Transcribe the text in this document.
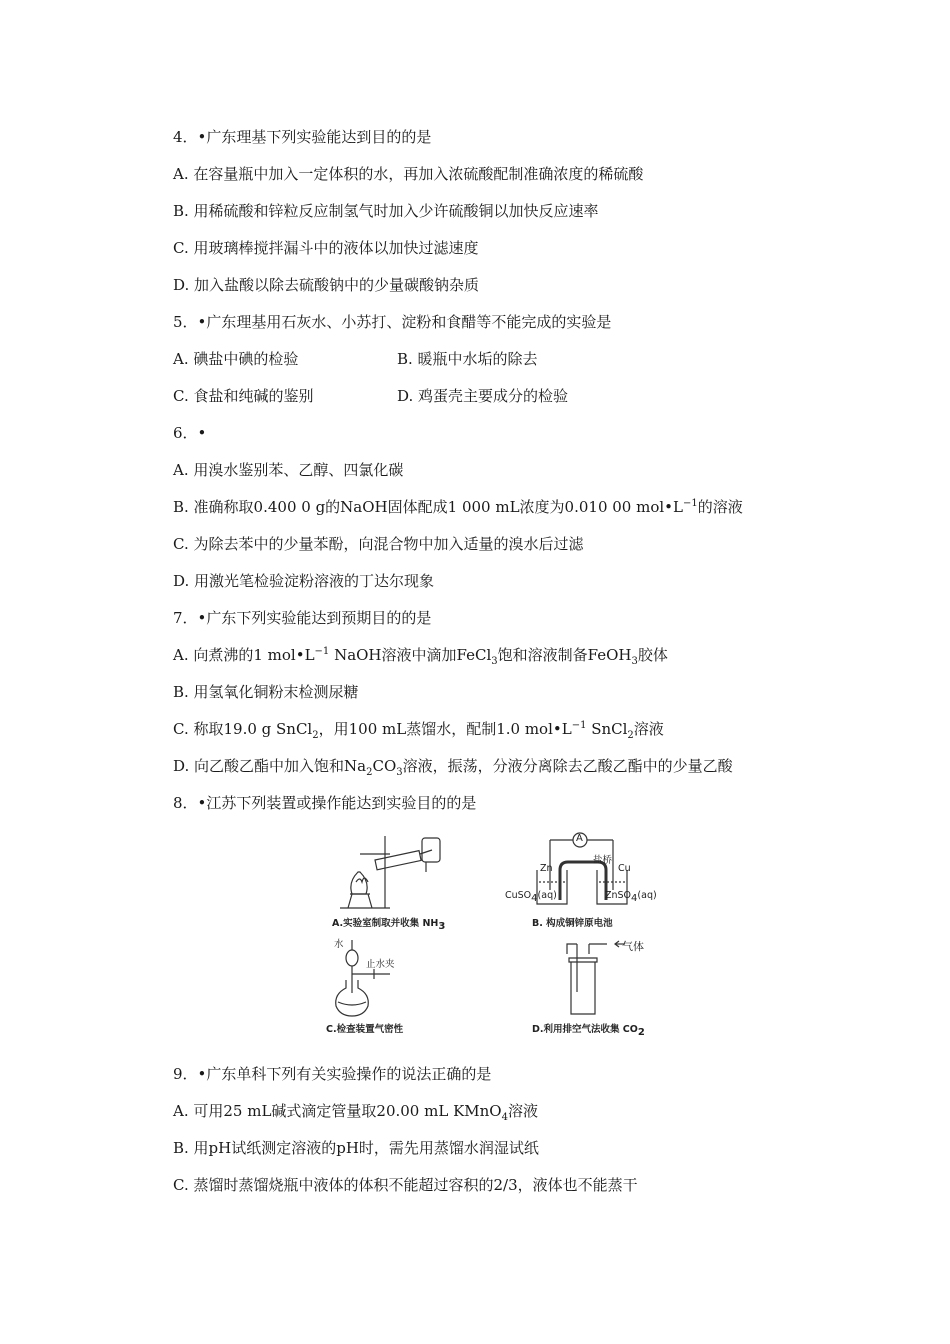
4．•广东理基下列实验能达到目的的是
A. 在容量瓶中加入一定体积的水，再加入浓硫酸配制准确浓度的稀硫酸
B. 用稀硫酸和锌粒反应制氢气时加入少许硫酸铜以加快反应速率
C. 用玻璃棒搅拌漏斗中的液体以加快过滤速度
D. 加入盐酸以除去硫酸钠中的少量碳酸钠杂质
5．•广东理基用石灰水、小苏打、淀粉和食醋等不能完成的实验是
A. 碘盐中碘的检验	B. 暖瓶中水垢的除去
C. 食盐和纯碱的鉴别	D. 鸡蛋壳主要成分的检验
6．•
A. 用溴水鉴别苯、乙醇、四氯化碳
B. 准确称取0.400 0 g的NaOH固体配成1 000 mL浓度为0.010 00 $mol•L^{-1}$的溶液
C. 为除去苯中的少量苯酚，向混合物中加入适量的溴水后过滤
D. 用激光笔检验淀粉溶液的丁达尔现象
7．•广东下列实验能达到预期目的的是
A. 向煮沸的1 $mol•L^{-1}$ NaOH溶液中滴加FeCl$_3$饱和溶液制备FeOH$_3$胶体
B. 用氢氧化铜粉末检测尿糖
C. 称取19.0 g SnCl$_2$，用100 mL蒸馏水，配制1.0 $mol•L^{-1}$ SnCl$_2$溶液
D. 向乙酸乙酯中加入饱和$Na_2CO_3$溶液，振荡，分液分离除去乙酸乙酯中的少量乙酸
8．•江苏下列装置或操作能达到实验目的的是
A.实验室制取并收集 $NH_3$
A
盐桥
Zn	Cu
CuSO$_4$(aq)	ZnSO$_4$(aq)
B. 构成铜锌原电池
水
止水夹
C.检查装置气密性
气体
D.利用排空气法收集 $CO_2$
9．•广东单科下列有关实验操作的说法正确的是
A. 可用25 mL碱式滴定管量取20.00 mL KMnO$_4$溶液
B. 用pH试纸测定溶液的pH时，需先用蒸馏水润湿试纸
C. 蒸馏时蒸馏烧瓶中液体的体积不能超过容积的2/3，液体也不能蒸干
